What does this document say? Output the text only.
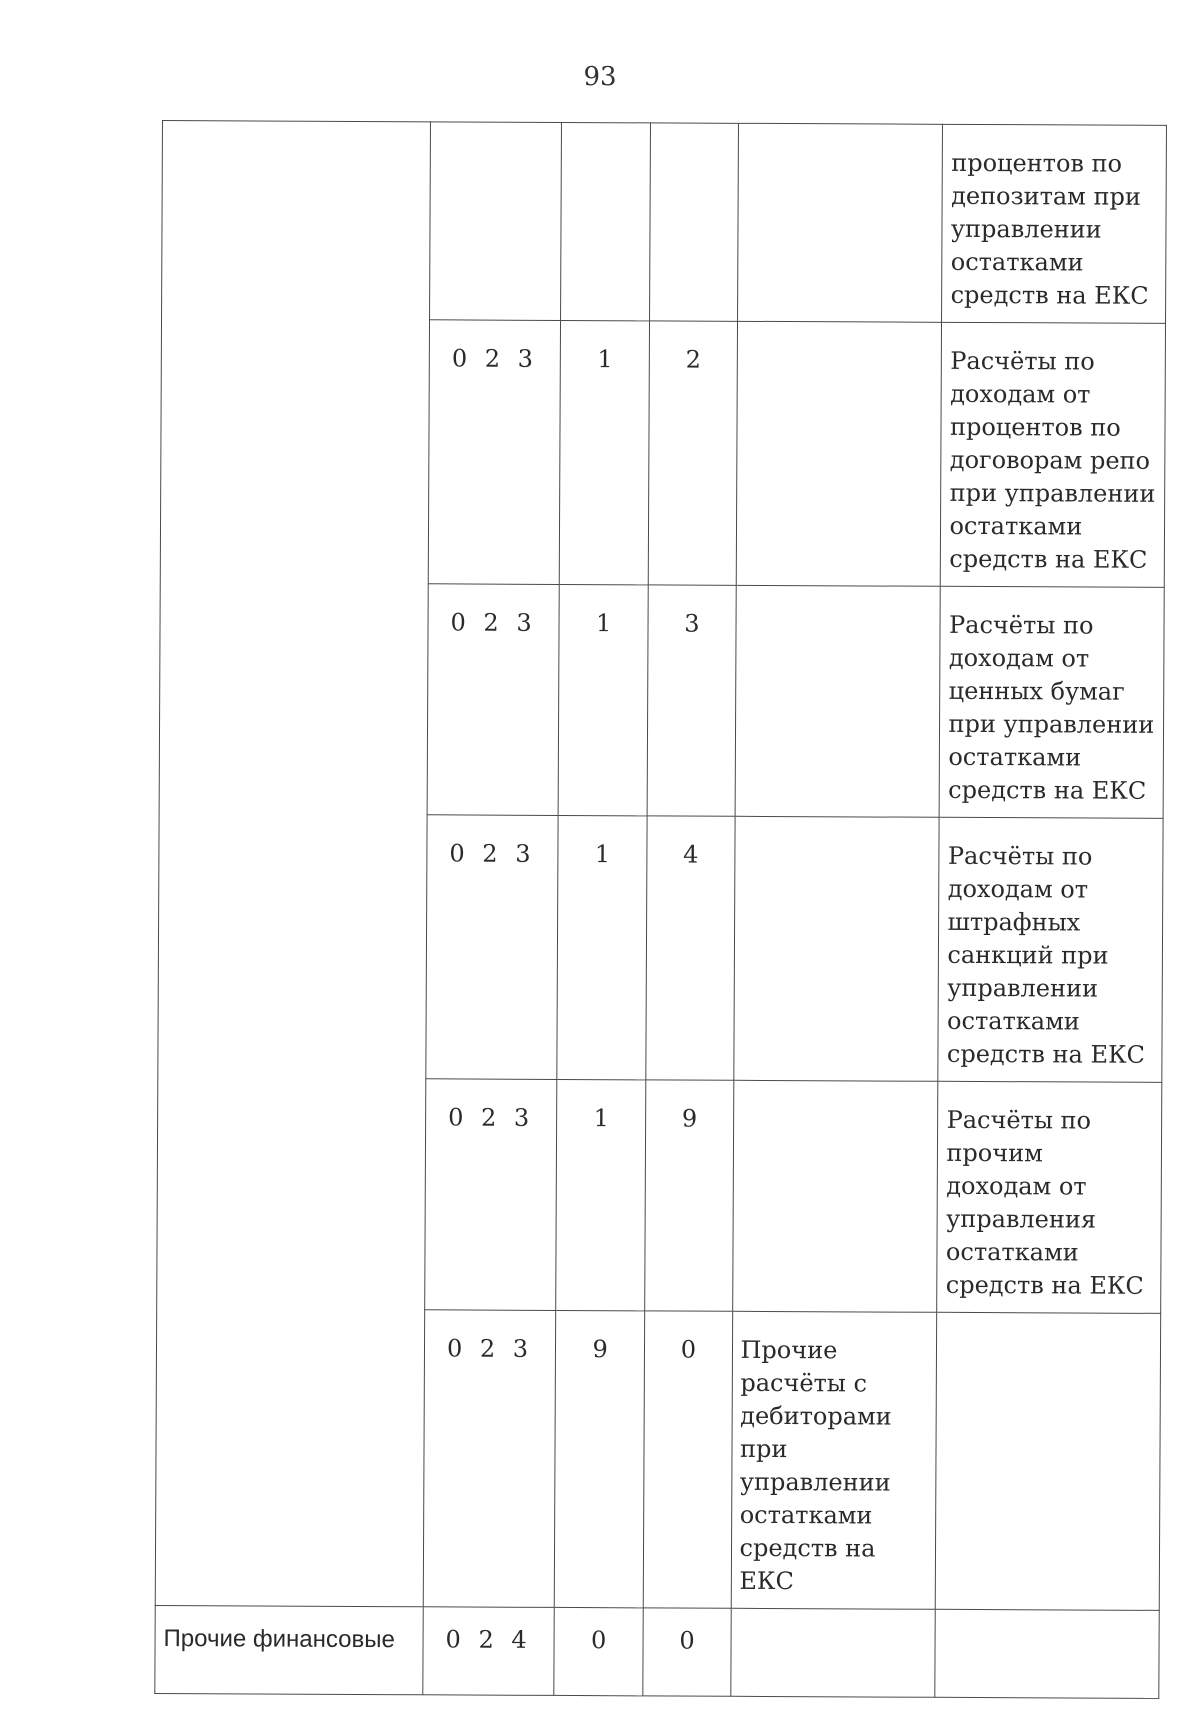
93
					процентов по депозитам при управлении остатками средств на ЕКС
	0 2 3	1	2		Расчёты по доходам от процентов по договорам репо при управлении остатками средств на ЕКС
	0 2 3	1	3		Расчёты по доходам от ценных бумаг при управлении остатками средств на ЕКС
	0 2 3	1	4		Расчёты по доходам от штрафных санкций при управлении остатками средств на ЕКС
	0 2 3	1	9		Расчёты по прочим доходам от управления остатками средств на ЕКС
	0 2 3	9	0	Прочие расчёты с дебиторами при управлении остатками средств на ЕКС	
Прочие финансовые	0 2 4	0	0		
